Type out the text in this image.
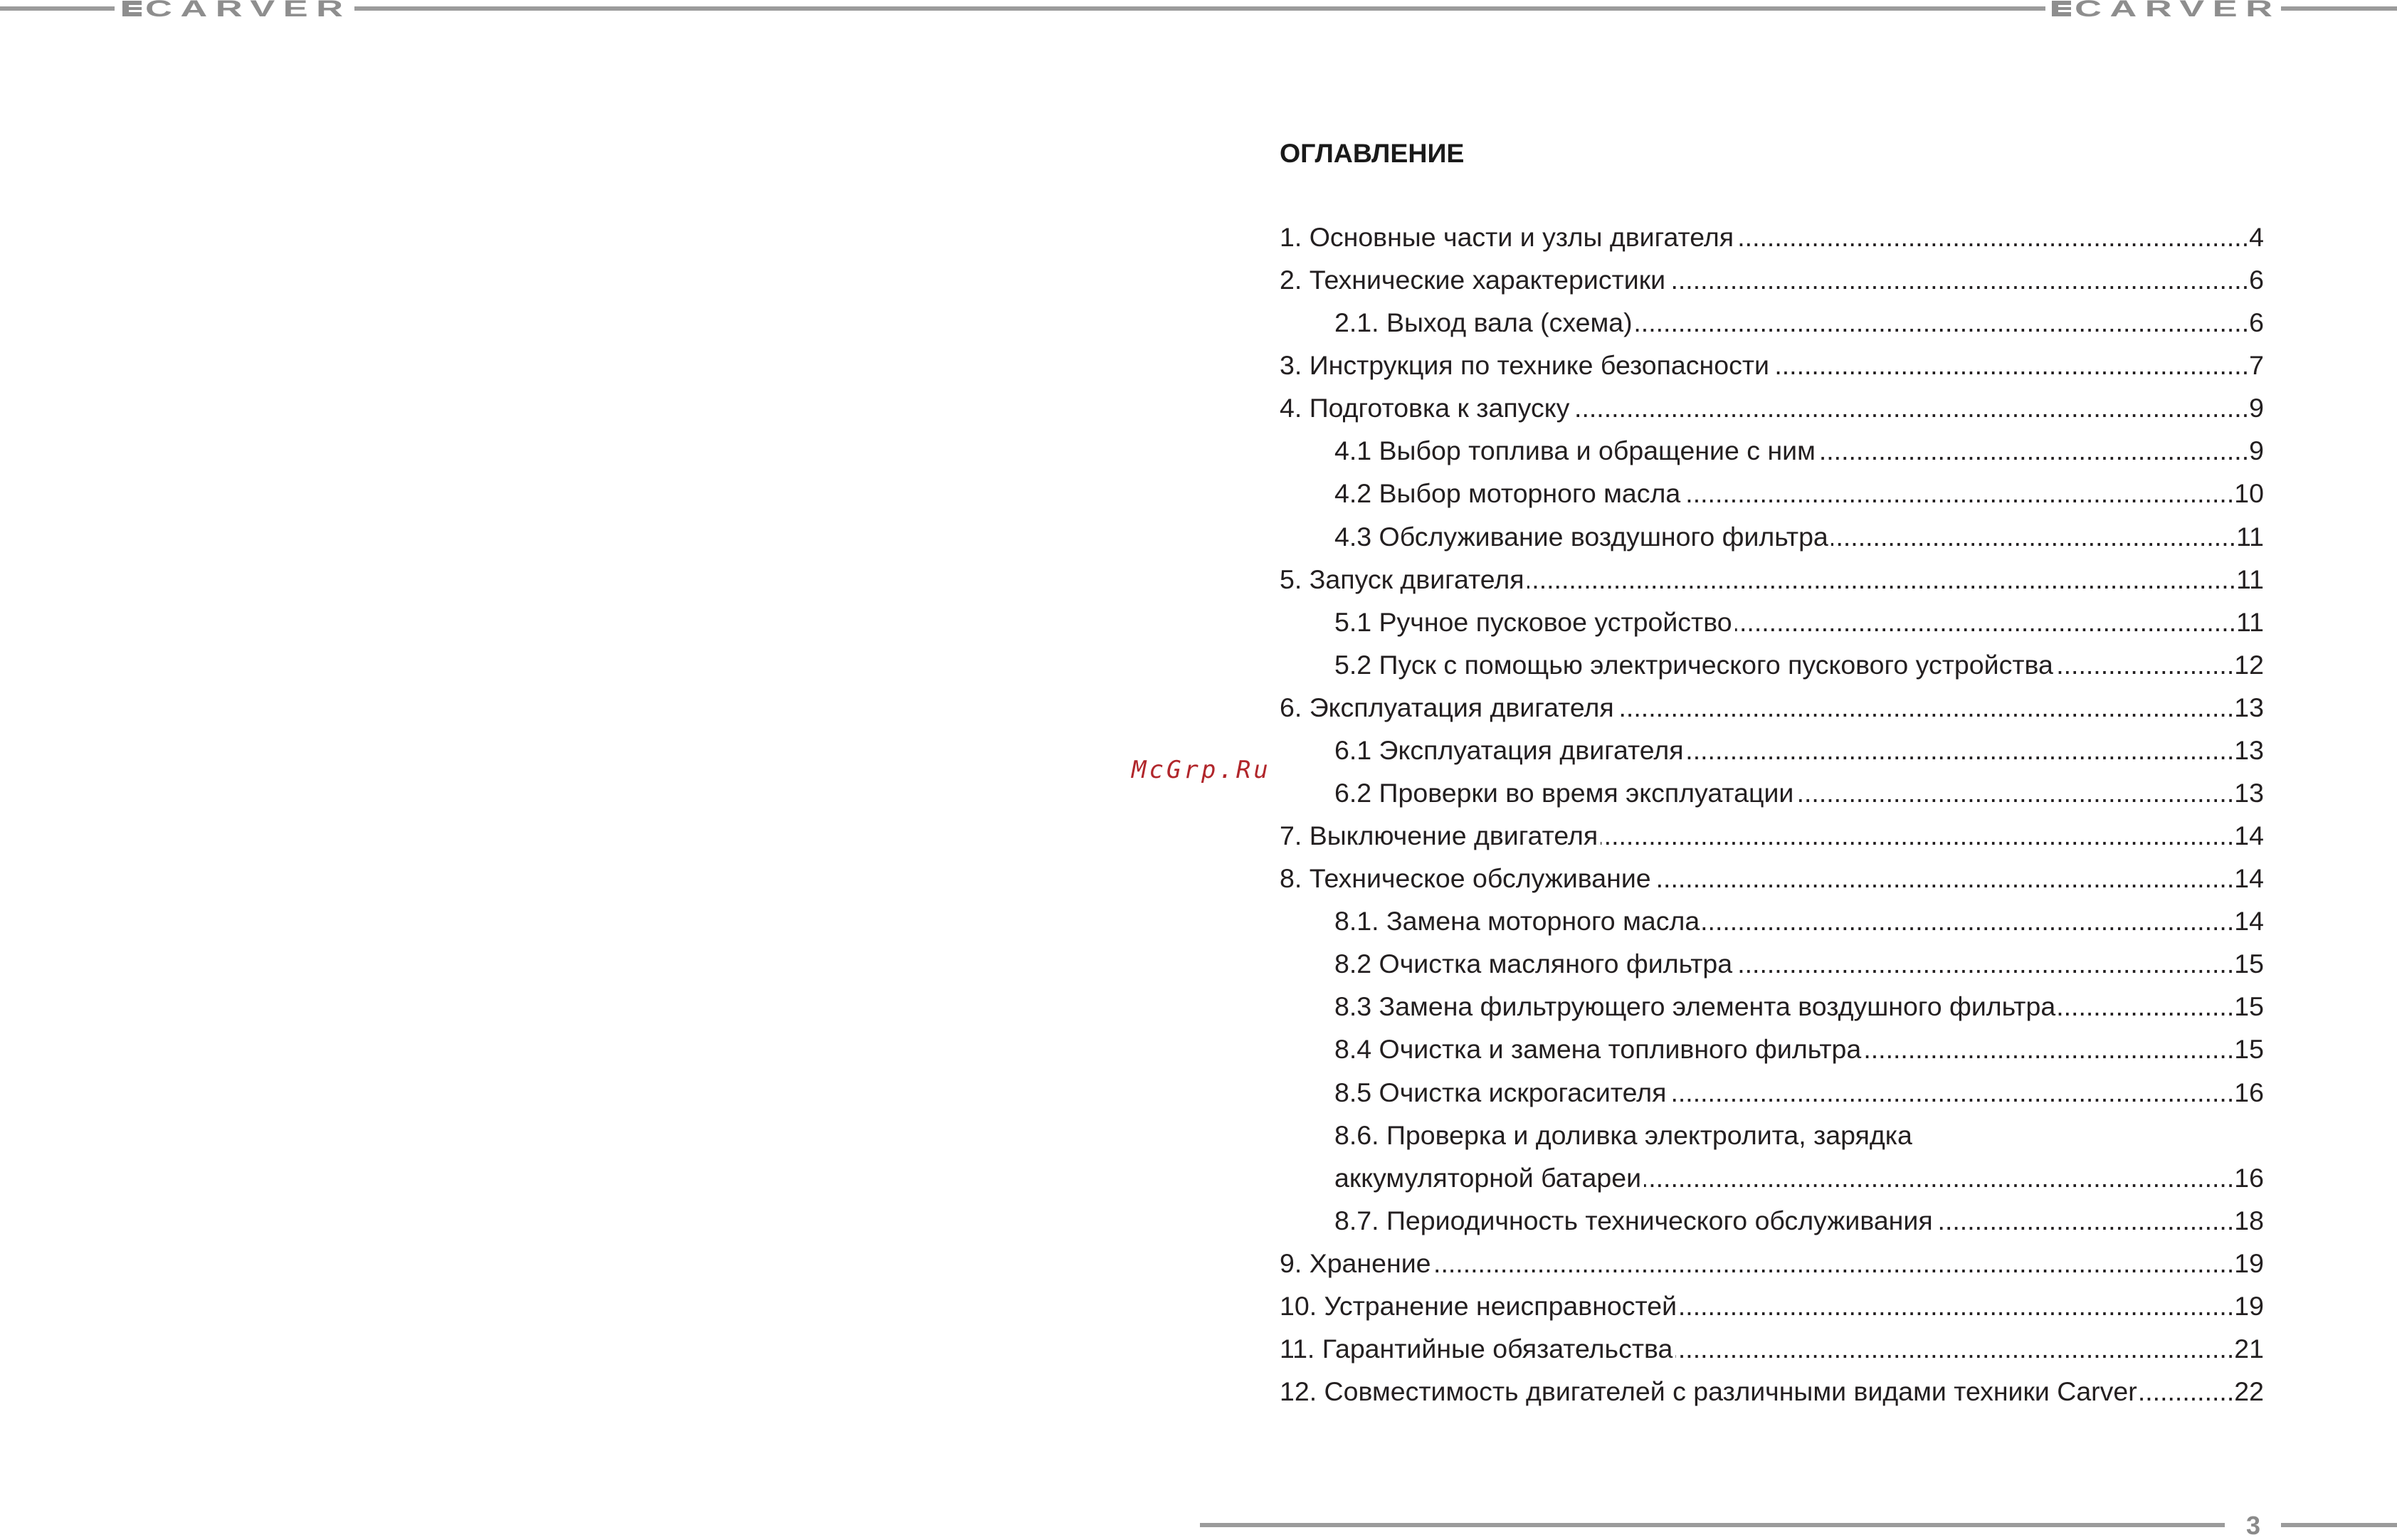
CARVER	CARVER
ОГЛАВЛЕНИЕ
1. Основные части и узлы двигателя .....	4
2. Технические характеристики .....	6
2.1. Выход вала (схема) .....	6
3. Инструкция по технике безопасности .....	7
4. Подготовка к запуску .....	9
4.1 Выбор топлива и обращение с ним .....	9
4.2 Выбор моторного масла .....	10
4.3 Обслуживание воздушного фильтра .....	11
5. Запуск двигателя .....	11
5.1 Ручное пусковое устройство .....	11
5.2 Пуск с помощью электрического пускового устройства .....	12
6. Эксплуатация двигателя .....	13
6.1 Эксплуатация двигателя .....	13
6.2 Проверки во время эксплуатации .....	13
7. Выключение двигателя .....	14
8. Техническое обслуживание .....	14
8.1. Замена моторного масла .....	14
8.2 Очистка масляного фильтра .....	15
8.3 Замена фильтрующего элемента воздушного фильтра .....	15
8.4 Очистка и замена топливного фильтра .....	15
8.5 Очистка искрогасителя .....	16
8.6. Проверка и доливка электролита, зарядка
аккумуляторной батареи .....	16
8.7. Периодичность технического обслуживания .....	18
9. Хранение .....	19
10. Устранение неисправностей .....	19
11. Гарантийные обязательства .....	21
12. Совместимость двигателей с различными видами техники Carver .....	22
McGrp.Ru
3
